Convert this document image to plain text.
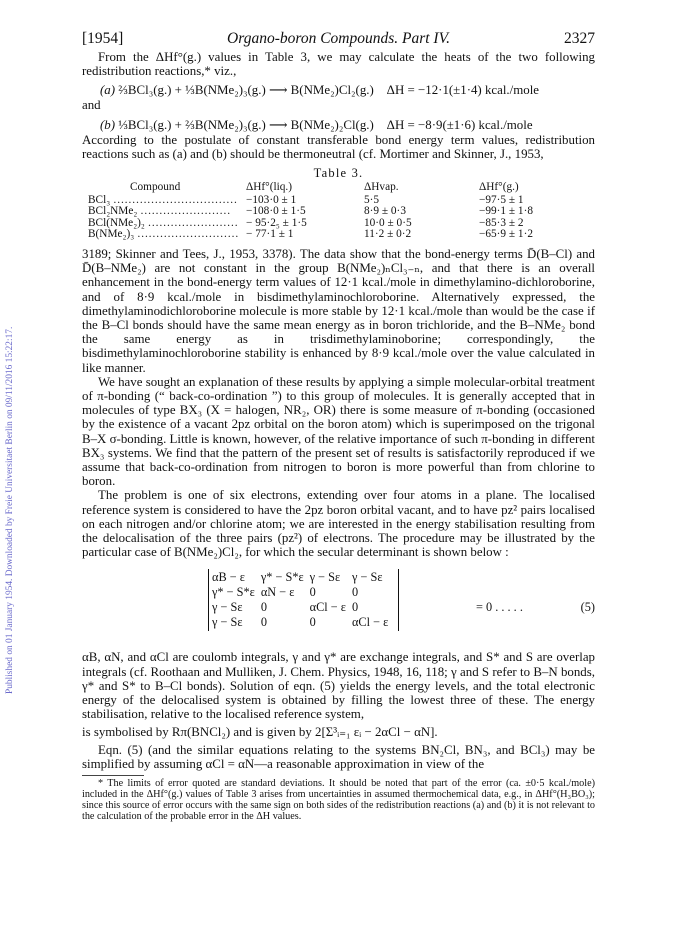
Published on 01 January 1954. Downloaded by Freie Universitaet Berlin on 09/11/2016 15:22:17.
[1954]	Organo-boron Compounds. Part IV.	2327

From the ΔHf°(g.) values in Table 3, we may calculate the heats of the two following redistribution reactions,* viz.,

(a) ⅔BCl₃(g.) + ⅓B(NMe₂)₃(g.) ⟶ B(NMe₂)Cl₂(g.) ΔH = −12·1(±1·4) kcal./mole

and

(b) ⅓BCl₃(g.) + ⅔B(NMe₂)₃(g.) ⟶ B(NMe₂)₂Cl(g.) ΔH = −8·9(±1·6) kcal./mole

According to the postulate of constant transferable bond energy term values, redistribution reactions such as (a) and (b) should be thermoneutral (cf. Mortimer and Skinner, J., 1953,

Table 3.
Compound	ΔHf°(liq.)	ΔHvap.	ΔHf°(g.)
BCl₃ ……………………………	−103·0 ± 1	5·5	−97·5 ± 1
BCl₂NMe₂ ……………………	−108·0 ± 1·5	8·9 ± 0·3	−99·1 ± 1·8
BCl(NMe₂)₂ ……………………	− 95·2₅ ± 1·5	10·0 ± 0·5	−85·3 ± 2
B(NMe₂)₃ ………………………	− 77·1 ± 1	11·2 ± 0·2	−65·9 ± 1·2

3189; Skinner and Tees, J., 1953, 3378). The data show that the bond-energy terms D̄(B–Cl) and D̄(B–NMe₂) are not constant in the group B(NMe₂)ₙCl₃₋ₙ, and that there is an overall enhancement in the bond-energy term values of 12·1 kcal./mole in dimethylamino-dichloroborine, and of 8·9 kcal./mole in bisdimethylaminochloroborine. Alternatively expressed, the dimethylaminodichloroborine molecule is more stable by 12·1 kcal./mole than would be the case if the B–Cl bonds should have the same mean energy as in boron trichloride, and the B–NMe₂ bond the same energy as in trisdimethylaminoborine; correspondingly, the bisdimethylaminochloroborine stability is enhanced by 8·9 kcal./mole over the value calculated in like manner.

We have sought an explanation of these results by applying a simple molecular-orbital treatment of π-bonding (“ back-co-ordination ”) to this group of molecules. It is generally accepted that in molecules of type BX₃ (X = halogen, NR₂, OR) there is some measure of π-bonding (occasioned by the existence of a vacant 2pz orbital on the boron atom) which is superimposed on the trigonal B–X σ-bonding. Little is known, however, of the relative importance of such π-bonding in different BX₃ systems. We find that the pattern of the present set of results is satisfactorily reproduced if we assume that back-co-ordination from nitrogen to boron is more powerful than from chlorine to boron.

The problem is one of six electrons, extending over four atoms in a plane. The localised reference system is considered to have the 2pz boron orbital vacant, and to have pz² pairs localised on each nitrogen and/or chlorine atom; we are interested in the energy stabilisation resulting from the delocalisation of the three pairs (pz²) of electrons. The procedure may be illustrated by the particular case of B(NMe₂)Cl₂, for which the secular determinant is shown below :

αB − ε	γ* − S*ε	γ − Sε	γ − Sε
γ* − S*ε	αN − ε	0	0
γ − Sε	0	αCl − ε	0
γ − Sε	0	0	αCl − ε
= 0 . . . . .	(5)

αB, αN, and αCl are coulomb integrals, γ and γ* are exchange integrals, and S* and S are overlap integrals (cf. Roothaan and Mulliken, J. Chem. Physics, 1948, 16, 118; γ and S refer to B–N bonds, γ* and S* to B–Cl bonds). Solution of eqn. (5) yields the energy levels, and the total electronic energy of the delocalised system is obtained by filling the lowest three of these. The energy stabilisation, relative to the localised reference system,

is symbolised by Rπ(BNCl₂) and is given by 2[Σ³ᵢ₌₁ εᵢ − 2αCl − αN].

Eqn. (5) (and the similar equations relating to the systems BN₂Cl, BN₃, and BCl₃) may be simplified by assuming αCl = αN—a reasonable approximation in view of the

* The limits of error quoted are standard deviations. It should be noted that part of the error (ca. ±0·5 kcal./mole) included in the ΔHf°(g.) values of Table 3 arises from uncertainties in assumed thermochemical data, e.g., in ΔHf°(H₃BO₃); since this source of error occurs with the same sign on both sides of the redistribution reactions (a) and (b) it is not relevant to the calculation of the probable error in the ΔH values.
